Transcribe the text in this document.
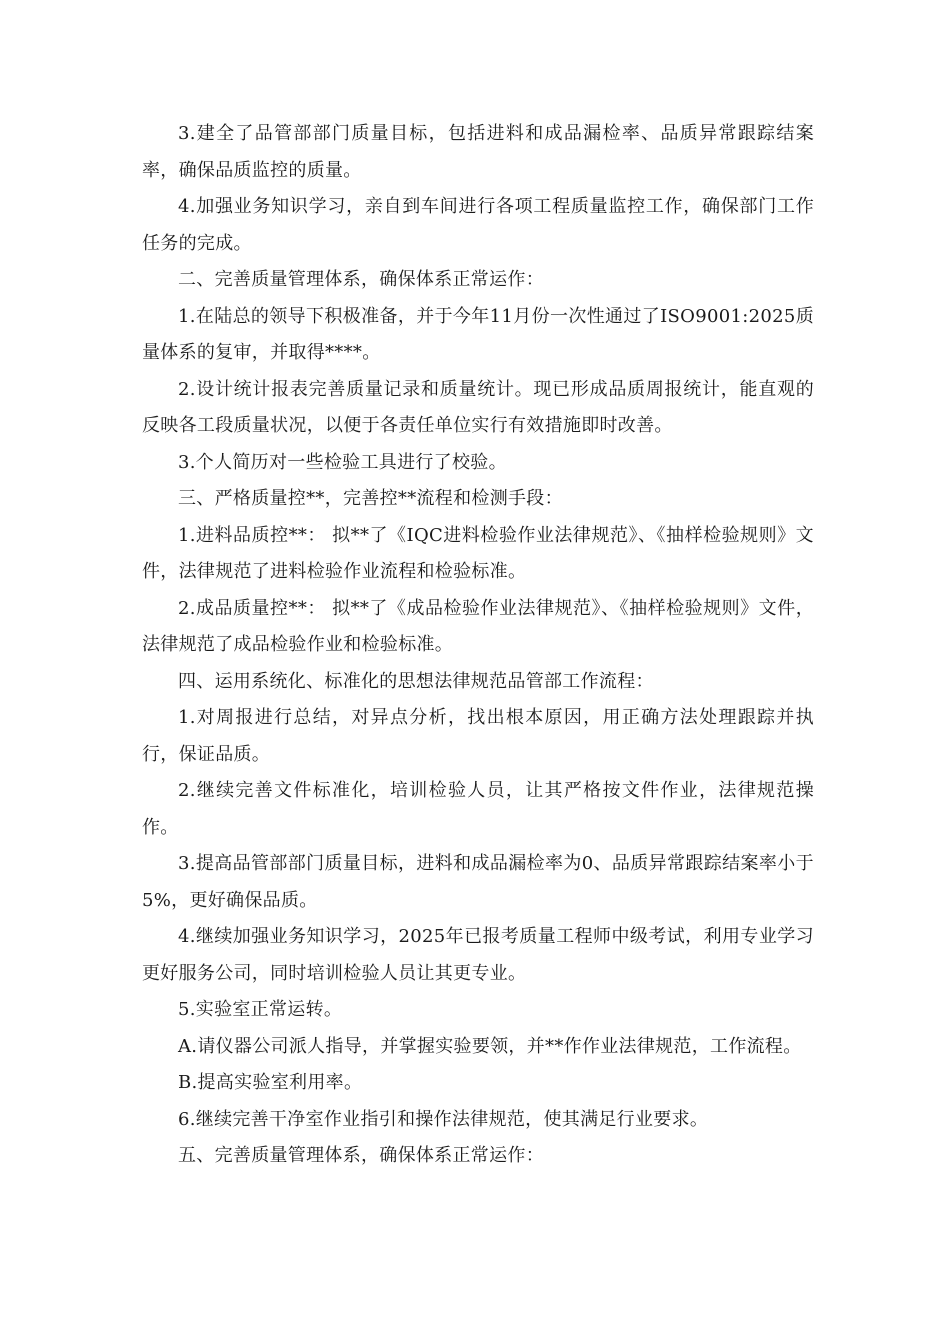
3.建全了品管部部门质量目标，包括进料和成品漏检率、品质异常跟踪结案率，确保品质监控的质量。

4.加强业务知识学习，亲自到车间进行各项工程质量监控工作，确保部门工作任务的完成。

二、完善质量管理体系，确保体系正常运作：

1.在陆总的领导下积极准备，并于今年11月份一次性通过了ISO9001:2025质量体系的复审，并取得****。

2.设计统计报表完善质量记录和质量统计。现已形成品质周报统计，能直观的反映各工段质量状况，以便于各责任单位实行有效措施即时改善。

3.个人简历对一些检验工具进行了校验。

三、严格质量控**，完善控**流程和检测手段：

1.进料品质控**： 拟**了《IQC进料检验作业法律规范》、《抽样检验规则》文件，法律规范了进料检验作业流程和检验标准。

2.成品质量控**： 拟**了《成品检验作业法律规范》、《抽样检验规则》文件，法律规范了成品检验作业和检验标准。

四、运用系统化、标准化的思想法律规范品管部工作流程：

1.对周报进行总结，对异点分析，找出根本原因，用正确方法处理跟踪并执行，保证品质。

2.继续完善文件标准化，培训检验人员，让其严格按文件作业，法律规范操作。

3.提高品管部部门质量目标，进料和成品漏检率为0、品质异常跟踪结案率小于5%，更好确保品质。

4.继续加强业务知识学习，2025年已报考质量工程师中级考试，利用专业学习更好服务公司，同时培训检验人员让其更专业。

5.实验室正常运转。

A.请仪器公司派人指导，并掌握实验要领，并**作作业法律规范，工作流程。

B.提高实验室利用率。

6.继续完善干净室作业指引和操作法律规范，使其满足行业要求。

五、完善质量管理体系，确保体系正常运作：
